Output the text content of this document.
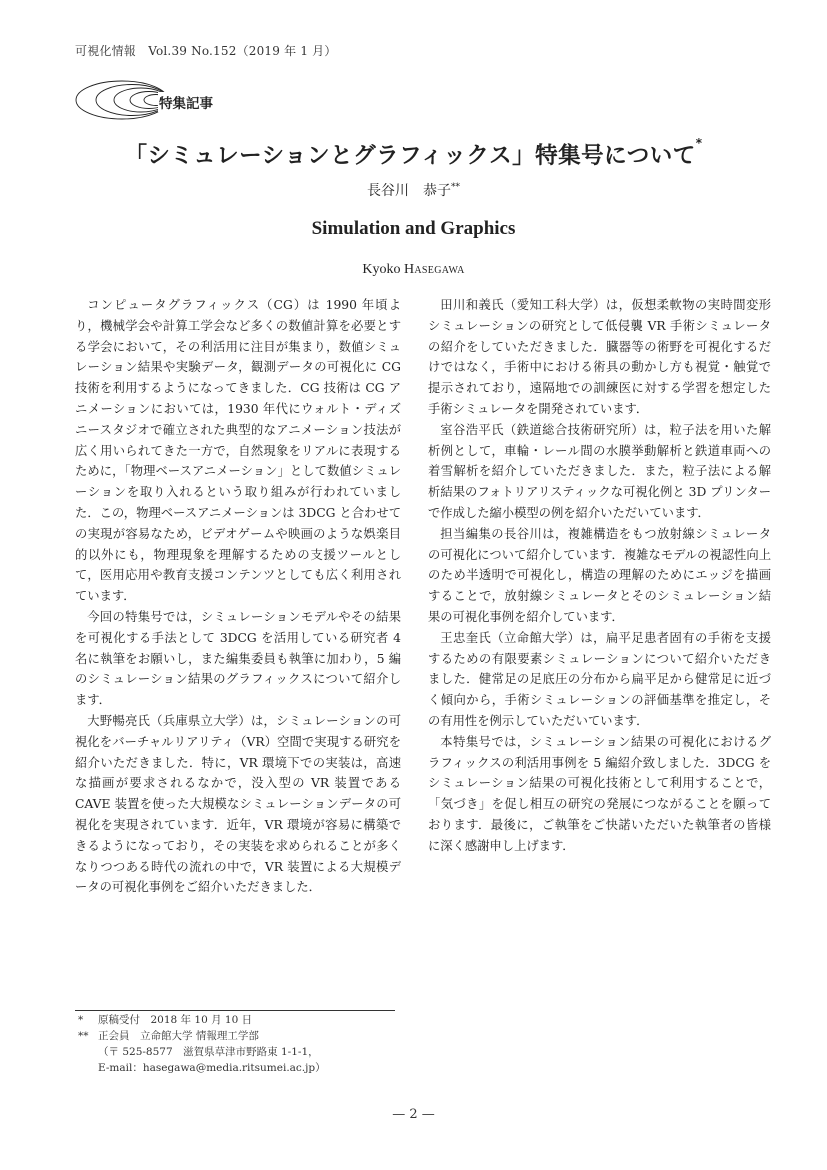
可視化情報　Vol.39 No.152（2019 年 1 月）
特集記事
「シミュレーションとグラフィックス」特集号について*
長谷川　恭子**
Simulation and Graphics
Kyoko Hasegawa

コンピュータグラフィックス（CG）は 1990 年頃より，機械学会や計算工学会など多くの数値計算を必要とする学会において，その利活用に注目が集まり，数値シミュレーション結果や実験データ，観測データの可視化に CG 技術を利用するようになってきました．CG 技術は CG アニメーションにおいては，1930 年代にウォルト・ディズニースタジオで確立された典型的なアニメーション技法が広く用いられてきた一方で，自然現象をリアルに表現するために，「物理ベースアニメーション」として数値シミュレーションを取り入れるという取り組みが行われていました．この，物理ベースアニメーションは 3DCG と合わせての実現が容易なため，ビデオゲームや映画のような娯楽目的以外にも，物理現象を理解するための支援ツールとして，医用応用や教育支援コンテンツとしても広く利用されています．

今回の特集号では，シミュレーションモデルやその結果を可視化する手法として 3DCG を活用している研究者 4 名に執筆をお願いし，また編集委員も執筆に加わり，5 編のシミュレーション結果のグラフィックスについて紹介します．

大野暢亮氏（兵庫県立大学）は，シミュレーションの可視化をバーチャルリアリティ（VR）空間で実現する研究を紹介いただきました．特に，VR 環境下での実装は，高速な描画が要求されるなかで，没入型の VR 装置である CAVE 装置を使った大規模なシミュレーションデータの可視化を実現されています．近年，VR 環境が容易に構築できるようになっており，その実装を求められることが多くなりつつある時代の流れの中で，VR 装置による大規模データの可視化事例をご紹介いただきました．

田川和義氏（愛知工科大学）は，仮想柔軟物の実時間変形シミュレーションの研究として低侵襲 VR 手術シミュレータの紹介をしていただきました．臓器等の術野を可視化するだけではなく，手術中における術具の動かし方も視覚・触覚で提示されており，遠隔地での訓練医に対する学習を想定した手術シミュレータを開発されています．

室谷浩平氏（鉄道総合技術研究所）は，粒子法を用いた解析例として，車輪・レール間の水膜挙動解析と鉄道車両への着雪解析を紹介していただきました．また，粒子法による解析結果のフォトリアリスティックな可視化例と 3D プリンターで作成した縮小模型の例を紹介いただいています．

担当編集の長谷川は，複雑構造をもつ放射線シミュレータの可視化について紹介しています．複雑なモデルの視認性向上のため半透明で可視化し，構造の理解のためにエッジを描画することで，放射線シミュレータとそのシミュレーション結果の可視化事例を紹介しています．

王忠奎氏（立命館大学）は，扁平足患者固有の手術を支援するための有限要素シミュレーションについて紹介いただきました．健常足の足底圧の分布から扁平足から健常足に近づく傾向から，手術シミュレーションの評価基準を推定し，その有用性を例示していただいています．

本特集号では，シミュレーション結果の可視化におけるグラフィックスの利活用事例を 5 編紹介致しました．3DCG をシミュレーション結果の可視化技術として利用することで，「気づき」を促し相互の研究の発展につながることを願っております．最後に，ご執筆をご快諾いただいた執筆者の皆様に深く感謝申し上げます．

*	原稿受付　2018 年 10 月 10 日
** 正会員　立命館大学 情報理工学部
（〒 525-8577　滋賀県草津市野路東 1-1-1，
E-mail：hasegawa@media.ritsumei.ac.jp）
— 2 —
